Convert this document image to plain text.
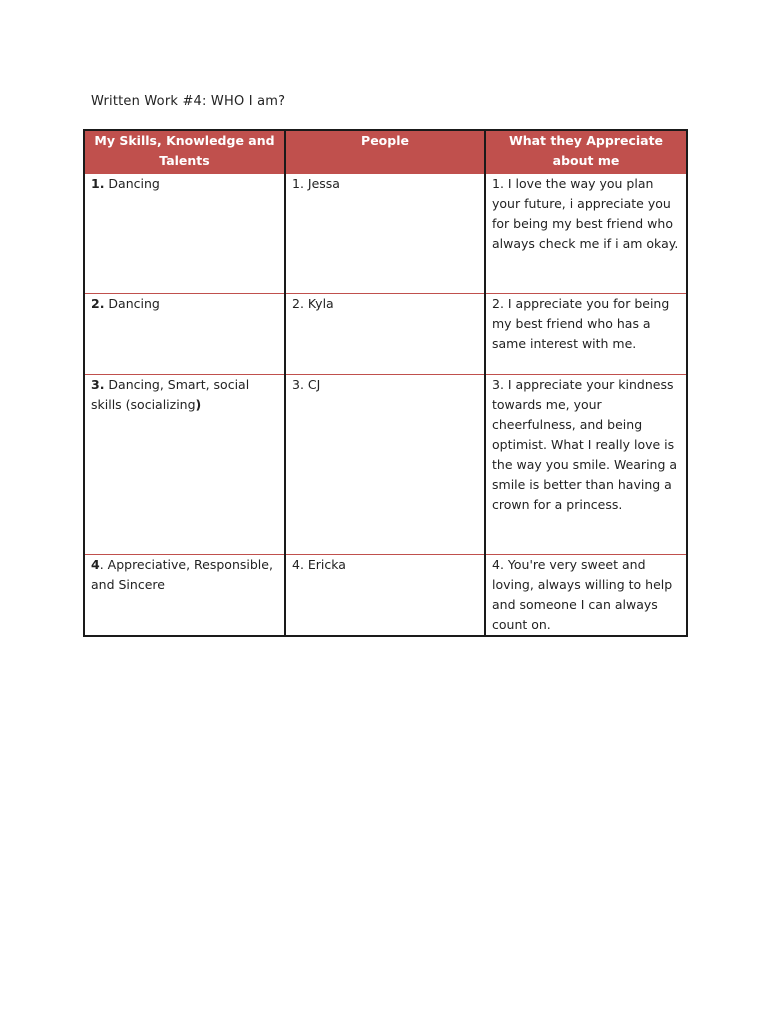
Written Work #4: WHO I am?
My Skills, Knowledge and Talents	People	What they Appreciate about me
1. Dancing	1. Jessa	1. I love the way you plan your future, i appreciate you for being my best friend who always check me if i am okay.
2. Dancing	2. Kyla	2. I appreciate you for being my best friend who has a same interest with me.
3. Dancing, Smart, social skills (socializing)	3. CJ	3. I appreciate your kindness towards me, your cheerfulness, and being optimist. What I really love is the way you smile. Wearing a smile is better than having a crown for a princess.
4. Appreciative, Responsible, and Sincere	4. Ericka	4. You're very sweet and loving, always willing to help and someone I can always count on.
